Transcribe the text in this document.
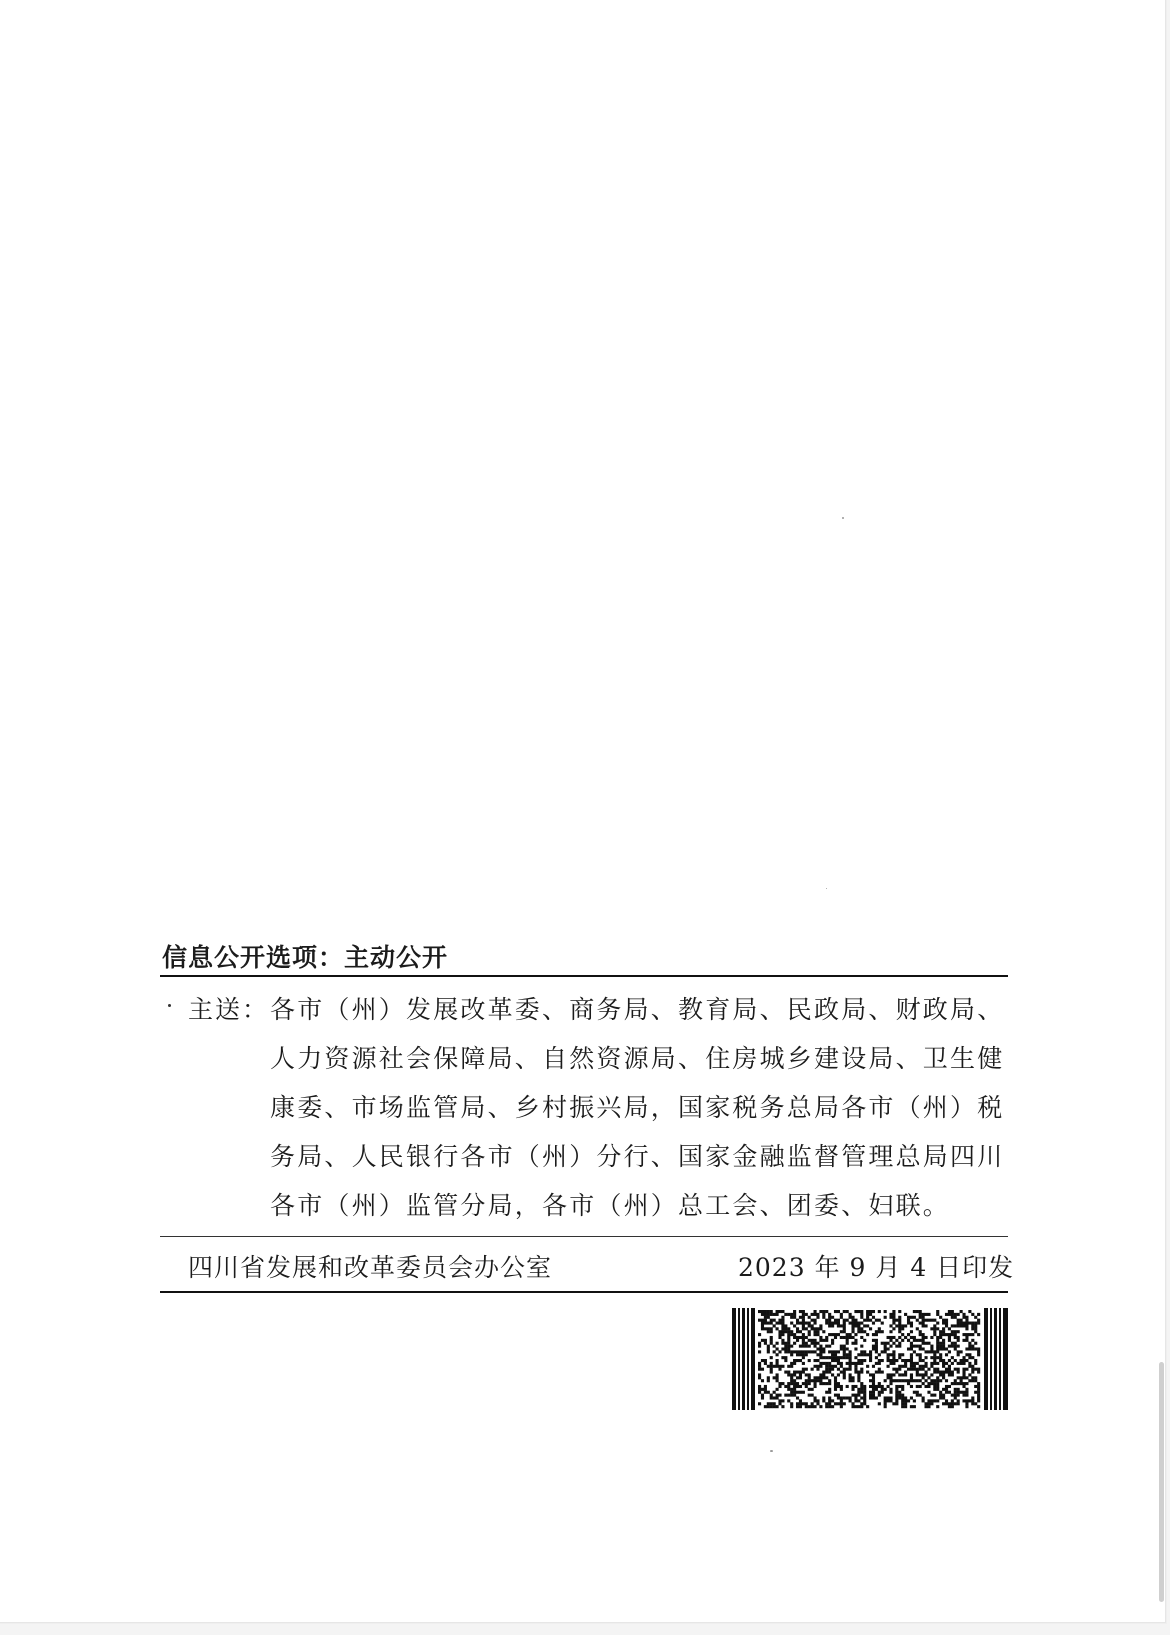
信息公开选项：主动公开
主送：各市（州）发展改革委、商务局、教育局、民政局、财政局、
人力资源社会保障局、自然资源局、住房城乡建设局、卫生健
康委、市场监管局、乡村振兴局，国家税务总局各市（州）税
务局、人民银行各市（州）分行、国家金融监督管理总局四川
各市（州）监管分局，各市（州）总工会、团委、妇联。
四川省发展和改革委员会办公室	2023 年 9 月 4 日印发
